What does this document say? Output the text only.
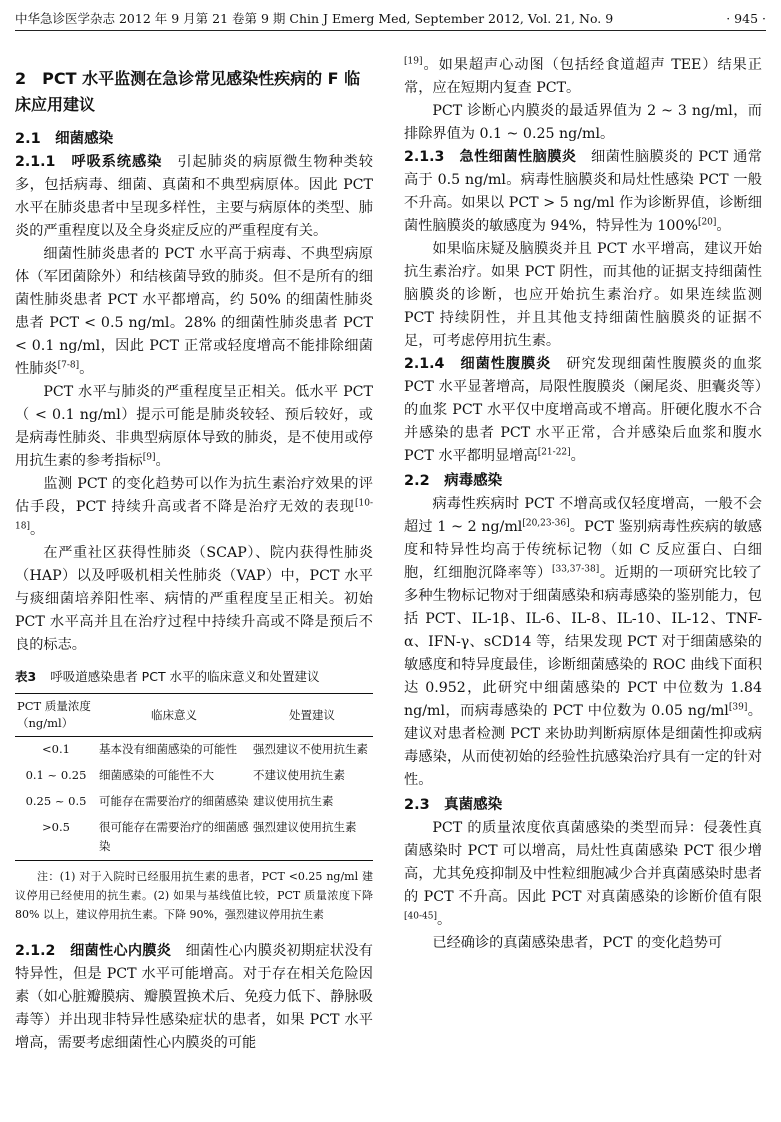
中华急诊医学杂志 2012 年 9 月第 21 卷第 9 期 Chin J Emerg Med, September 2012, Vol. 21, No. 9	· 945 ·
2　PCT 水平监测在急诊常见感染性疾病的 F 临床应用建议
2.1　细菌感染

2.1.1　呼吸系统感染　引起肺炎的病原微生物种类较多，包括病毒、细菌、真菌和不典型病原体。因此 PCT 水平在肺炎患者中呈现多样性，主要与病原体的类型、肺炎的严重程度以及全身炎症反应的严重程度有关。

细菌性肺炎患者的 PCT 水平高于病毒、不典型病原体（军团菌除外）和结核菌导致的肺炎。但不是所有的细菌性肺炎患者 PCT 水平都增高，约 50% 的细菌性肺炎患者 PCT < 0.5 ng/ml。28% 的细菌性肺炎患者 PCT < 0.1 ng/ml，因此 PCT 正常或轻度增高不能排除细菌性肺炎[7-8]。

PCT 水平与肺炎的严重程度呈正相关。低水平 PCT（ < 0.1 ng/ml）提示可能是肺炎较轻、预后较好，或是病毒性肺炎、非典型病原体导致的肺炎，是不使用或停用抗生素的参考指标[9]。

监测 PCT 的变化趋势可以作为抗生素治疗效果的评估手段，PCT 持续升高或者不降是治疗无效的表现[10-18]。

在严重社区获得性肺炎（SCAP）、院内获得性肺炎（HAP）以及呼吸机相关性肺炎（VAP）中，PCT 水平与痰细菌培养阳性率、病情的严重程度呈正相关。初始 PCT 水平高并且在治疗过程中持续升高或不降是预后不良的标志。

表3 呼吸道感染患者 PCT 水平的临床意义和处置建议
PCT 质量浓度（ng/ml）	临床意义	处置建议
<0.1	基本没有细菌感染的可能性	强烈建议不使用抗生素
0.1 ~ 0.25	细菌感染的可能性不大	不建议使用抗生素
0.25 ~ 0.5	可能存在需要治疗的细菌感染	建议使用抗生素
>0.5	很可能存在需要治疗的细菌感染	强烈建议使用抗生素
注：(1) 对于入院时已经服用抗生素的患者，PCT <0.25 ng/ml 建议停用已经使用的抗生素。(2) 如果与基线值比较，PCT 质量浓度下降 80% 以上，建议停用抗生素。下降 90%，强烈建议停用抗生素

2.1.2　细菌性心内膜炎　细菌性心内膜炎初期症状没有特异性，但是 PCT 水平可能增高。对于存在相关危险因素（如心脏瓣膜病、瓣膜置换术后、免疫力低下、静脉吸毒等）并出现非特异性感染症状的患者，如果 PCT 水平增高，需要考虑细菌性心内膜炎的可能

[19]。如果超声心动图（包括经食道超声 TEE）结果正常，应在短期内复查 PCT。

PCT 诊断心内膜炎的最适界值为 2 ~ 3 ng/ml，而排除界值为 0.1 ~ 0.25 ng/ml。

2.1.3　急性细菌性脑膜炎　细菌性脑膜炎的 PCT 通常高于 0.5 ng/ml。病毒性脑膜炎和局灶性感染 PCT 一般不升高。如果以 PCT > 5 ng/ml 作为诊断界值，诊断细菌性脑膜炎的敏感度为 94%，特异性为 100%[20]。

如果临床疑及脑膜炎并且 PCT 水平增高，建议开始抗生素治疗。如果 PCT 阴性，而其他的证据支持细菌性脑膜炎的诊断，也应开始抗生素治疗。如果连续监测 PCT 持续阴性，并且其他支持细菌性脑膜炎的证据不足，可考虑停用抗生素。

2.1.4　细菌性腹膜炎　研究发现细菌性腹膜炎的血浆 PCT 水平显著增高，局限性腹膜炎（阑尾炎、胆囊炎等）的血浆 PCT 水平仅中度增高或不增高。肝硬化腹水不合并感染的患者 PCT 水平正常，合并感染后血浆和腹水 PCT 水平都明显增高[21-22]。

2.2　病毒感染

病毒性疾病时 PCT 不增高或仅轻度增高，一般不会超过 1 ~ 2 ng/ml[20,23-36]。PCT 鉴别病毒性疾病的敏感度和特异性均高于传统标记物（如 C 反应蛋白、白细胞，红细胞沉降率等）[33,37-38]。近期的一项研究比较了多种生物标记物对于细菌感染和病毒感染的鉴别能力，包括 PCT、IL-1β、IL-6、IL-8、IL-10、IL-12、TNF-α、IFN-γ、sCD14 等，结果发现 PCT 对于细菌感染的敏感度和特异度最佳，诊断细菌感染的 ROC 曲线下面积达 0.952，此研究中细菌感染的 PCT 中位数为 1.84 ng/ml，而病毒感染的 PCT 中位数为 0.05 ng/ml[39]。建议对患者检测 PCT 来协助判断病原体是细菌性抑或病毒感染，从而使初始的经验性抗感染治疗具有一定的针对性。

2.3　真菌感染

PCT 的质量浓度依真菌感染的类型而异：侵袭性真菌感染时 PCT 可以增高，局灶性真菌感染 PCT 很少增高，尤其免疫抑制及中性粒细胞减少合并真菌感染时患者的 PCT 不升高。因此 PCT 对真菌感染的诊断价值有限[40-45]。

已经确诊的真菌感染患者，PCT 的变化趋势可
